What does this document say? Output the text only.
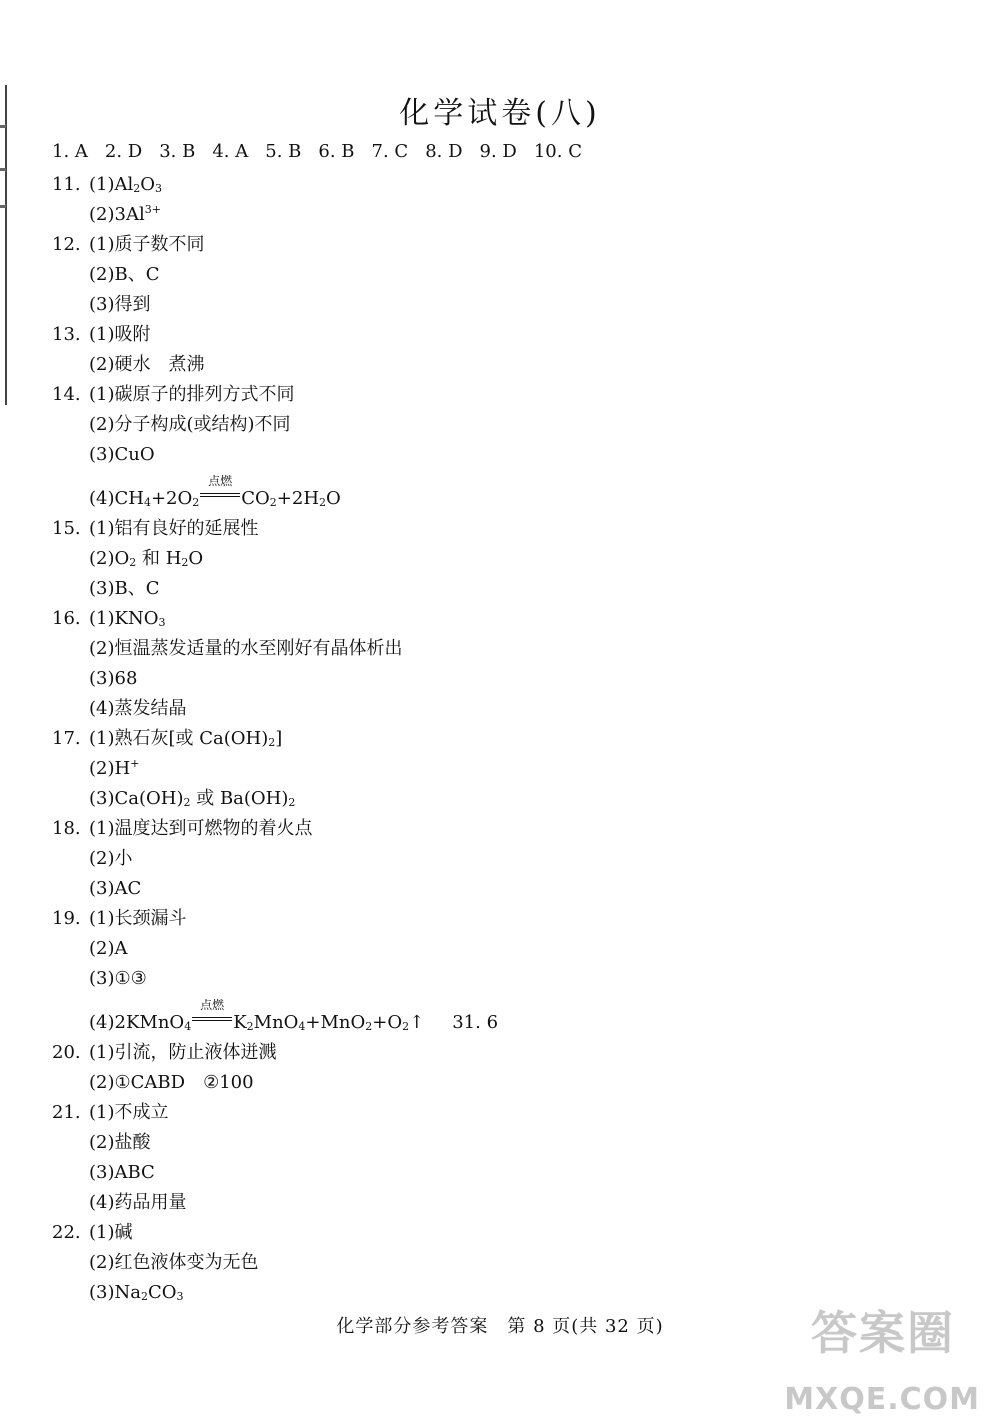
化学试卷(八)
1. A 2. D 3. B 4. A 5. B 6. B 7. C 8. D 9. D 10. C
11. $(1)Al_2O_3$
$(2)3Al^{3+}$
12. (1)质子数不同
(2)B、C
(3)得到
13. (1)吸附
(2)硬水　煮沸
14. (1)碳原子的排列方式不同
(2)分子构成(或结构)不同
(3)CuO
$(4)CH_4+2O_2$
点燃
$CO_2+2H_2O$
15. (1)铝有良好的延展性
$(2)O_2$ 和 $H_2O$
(3)B、C
16. $(1)KNO_3$
(2)恒温蒸发适量的水至刚好有晶体析出
(3)68
(4)蒸发结晶
17. (1)熟石灰[或 $Ca(OH)_2$]
(2)H+
$(3)Ca(OH)_2$ 或 $Ba(OH)_2$
18. (1)温度达到可燃物的着火点
(2)小
(3)AC
19. (1)长颈漏斗
(2)A
(3)①③
(4)2KMnO$_4$
点燃
$K_2MnO_4+MnO_2+O_2↑$ 31. 6
20. (1)引流，防止液体迸溅
(2)①CABD　②100
21. (1)不成立
(2)盐酸
(3)ABC
(4)药品用量
22. (1)碱
(2)红色液体变为无色
$(3)Na_2CO_3$
化学部分参考答案　第 8 页(共 32 页)	答案圈
MXQE.COM
